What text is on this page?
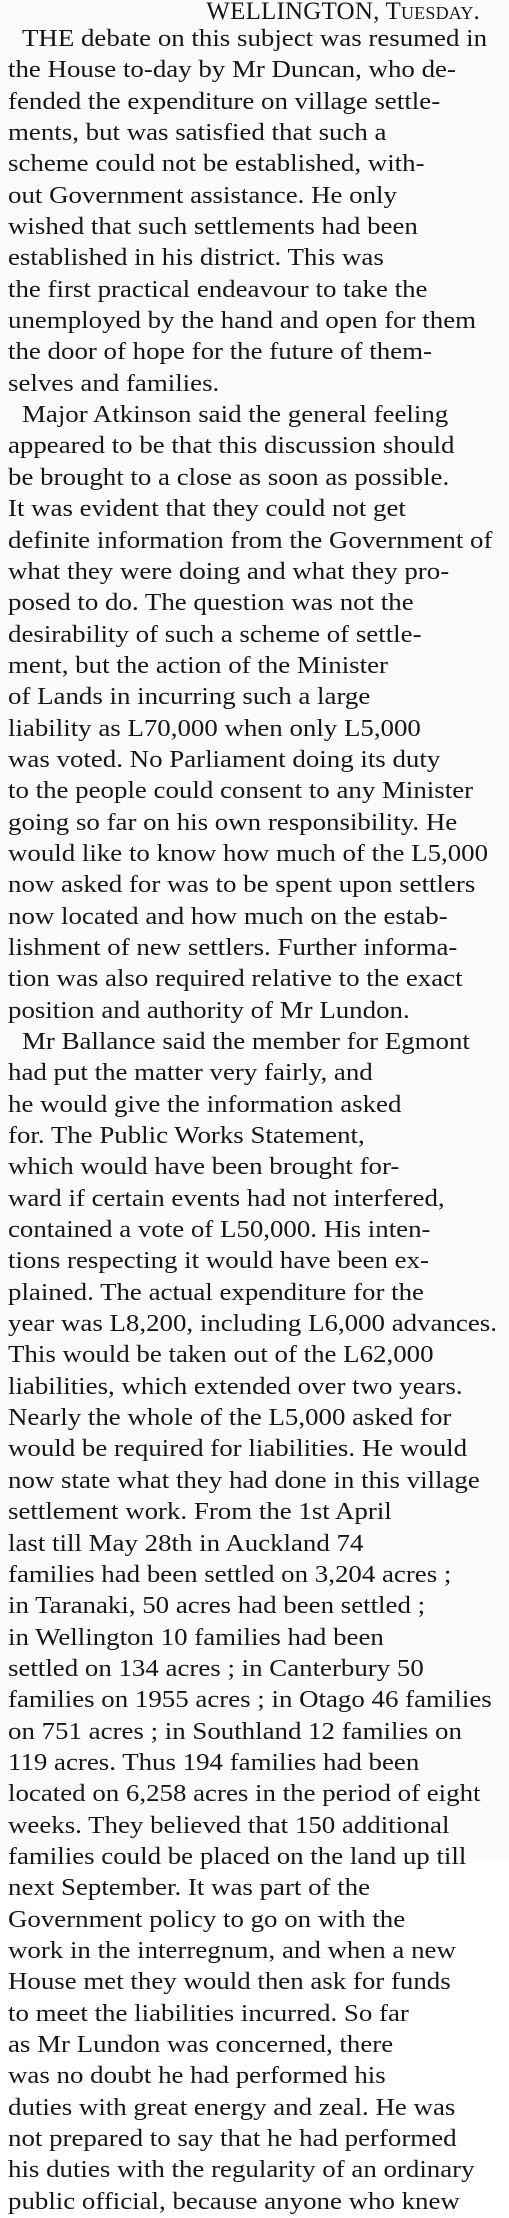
WELLINGTON, Tuesday.
THE debate on this subject was resumed in
the House to-day by Mr Duncan, who de-
fended the expenditure on village settle-
ments, but was satisfied that such a
scheme could not be established, with-
out Government assistance. He only
wished that such settlements had been
established in his district. This was
the first practical endeavour to take the
unemployed by the hand and open for them
the door of hope for the future of them-
selves and families.
Major Atkinson said the general feeling
appeared to be that this discussion should
be brought to a close as soon as possible.
It was evident that they could not get
definite information from the Government of
what they were doing and what they pro-
posed to do. The question was not the
desirability of such a scheme of settle-
ment, but the action of the Minister
of Lands in incurring such a large
liability as L70,000 when only L5,000
was voted. No Parliament doing its duty
to the people could consent to any Minister
going so far on his own responsibility. He
would like to know how much of the L5,000
now asked for was to be spent upon settlers
now located and how much on the estab-
lishment of new settlers. Further informa-
tion was also required relative to the exact
position and authority of Mr Lundon.
Mr Ballance said the member for Egmont
had put the matter very fairly, and
he would give the information asked
for. The Public Works Statement,
which would have been brought for-
ward if certain events had not interfered,
contained a vote of L50,000. His inten-
tions respecting it would have been ex-
plained. The actual expenditure for the
year was L8,200, including L6,000 advances.
This would be taken out of the L62,000
liabilities, which extended over two years.
Nearly the whole of the L5,000 asked for
would be required for liabilities. He would
now state what they had done in this village
settlement work. From the 1st April
last till May 28th in Auckland 74
families had been settled on 3,204 acres ;
in Taranaki, 50 acres had been settled ;
in Wellington 10 families had been
settled on 134 acres ; in Canterbury 50
families on 1955 acres ; in Otago 46 families
on 751 acres ; in Southland 12 families on
119 acres. Thus 194 families had been
located on 6,258 acres in the period of eight
weeks. They believed that 150 additional
families could be placed on the land up till
next September. It was part of the
Government policy to go on with the
work in the interregnum, and when a new
House met they would then ask for funds
to meet the liabilities incurred. So far
as Mr Lundon was concerned, there
was no doubt he had performed his
duties with great energy and zeal. He was
not prepared to say that he had performed
his duties with the regularity of an ordinary
public official, because anyone who knew
